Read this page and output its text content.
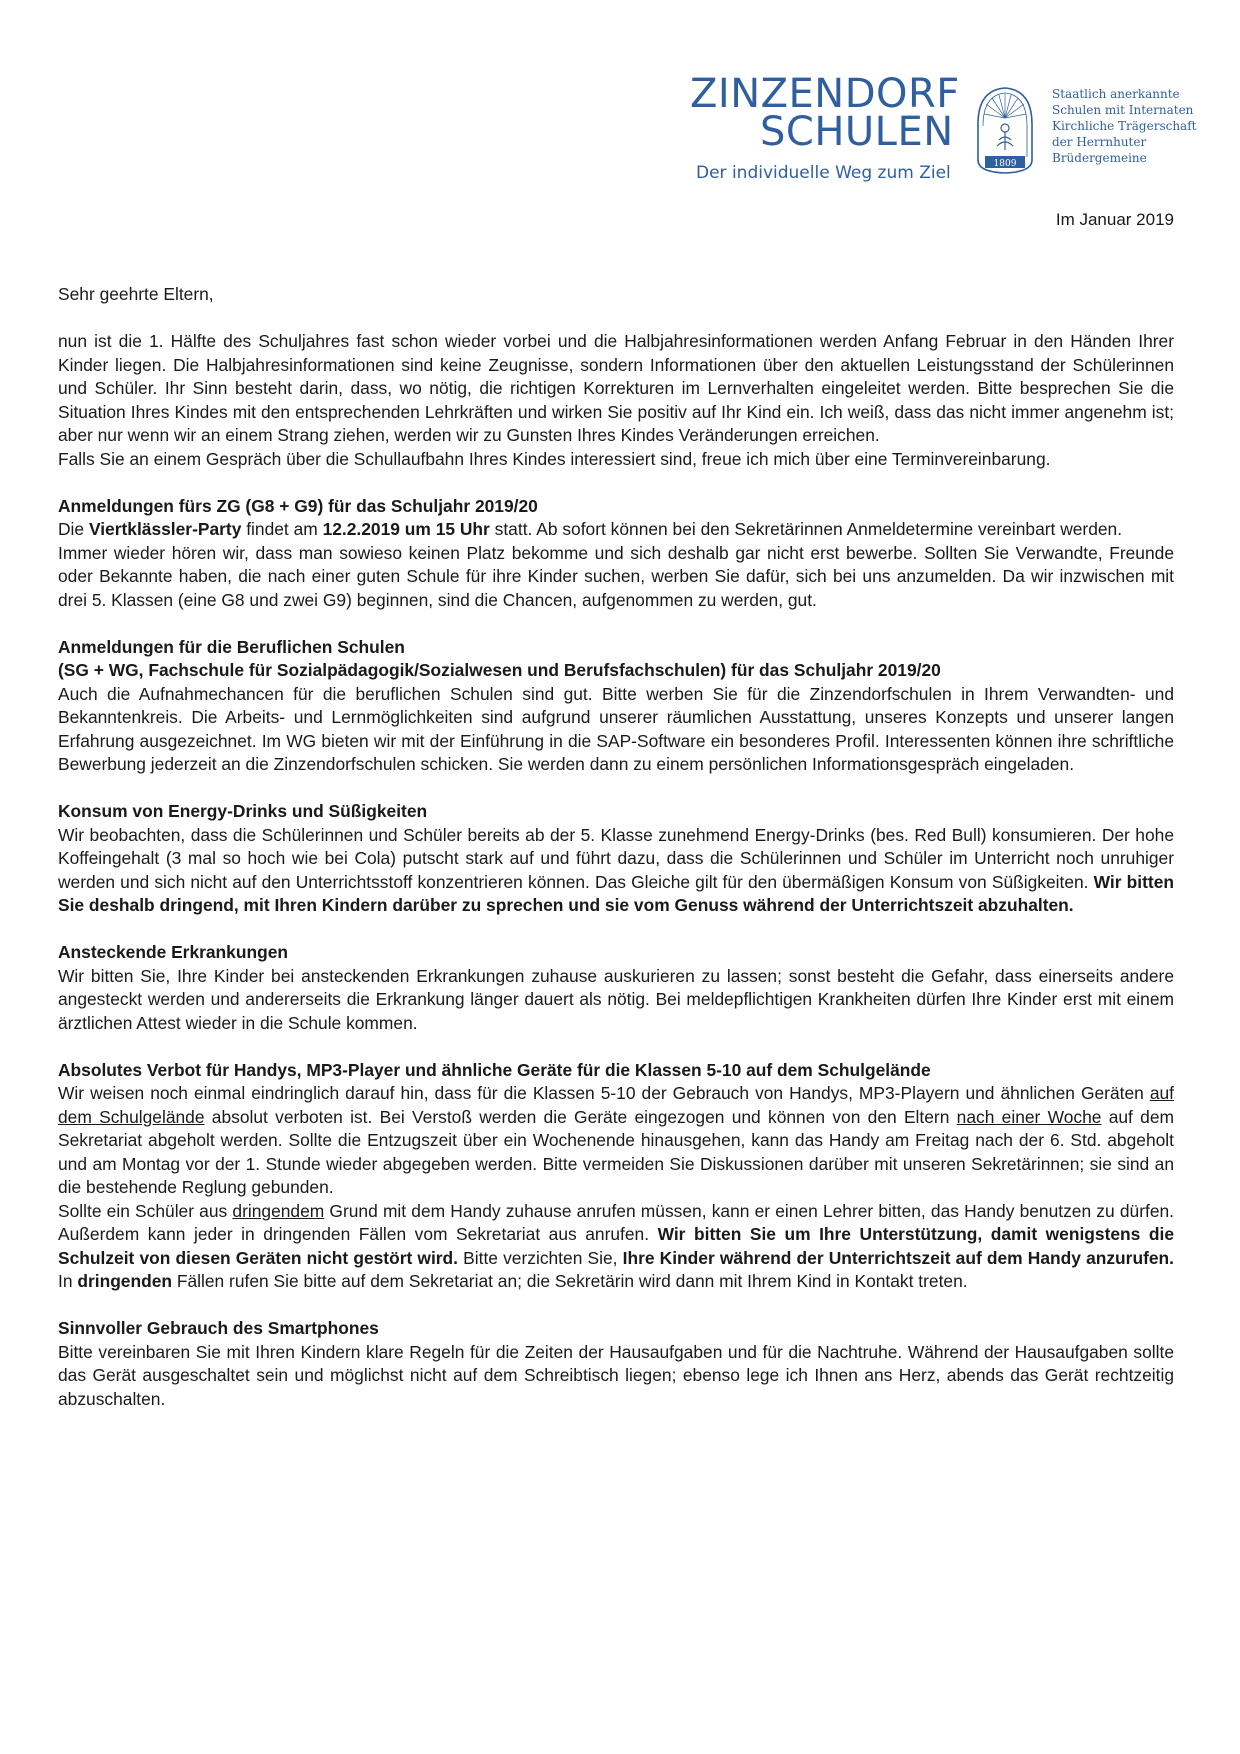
ZINZENDORF
SCHULEN
Der individuelle Weg zum Ziel	1809
Staatlich anerkannte
Schulen mit Internaten
Kirchliche Trägerschaft
der Herrnhuter
Brüdergemeine
Im Januar 2019

Sehr geehrte Eltern,

nun ist die 1. Hälfte des Schuljahres fast schon wieder vorbei und die Halbjahresinformationen werden Anfang Februar in den Händen Ihrer Kinder liegen. Die Halbjahresinformationen sind keine Zeugnisse, sondern Informationen über den aktuellen Leistungsstand der Schülerinnen und Schüler. Ihr Sinn besteht darin, dass, wo nötig, die richtigen Korrekturen im Lernverhalten eingeleitet werden. Bitte besprechen Sie die Situation Ihres Kindes mit den entsprechenden Lehrkräften und wirken Sie positiv auf Ihr Kind ein. Ich weiß, dass das nicht immer angenehm ist; aber nur wenn wir an einem Strang ziehen, werden wir zu Gunsten Ihres Kindes Veränderungen erreichen.

Falls Sie an einem Gespräch über die Schullaufbahn Ihres Kindes interessiert sind, freue ich mich über eine Terminvereinbarung.

Anmeldungen fürs ZG (G8 + G9) für das Schuljahr 2019/20

Die Viertklässler-Party findet am 12.2.2019 um 15 Uhr statt. Ab sofort können bei den Sekretärinnen Anmeldetermine vereinbart werden.

Immer wieder hören wir, dass man sowieso keinen Platz bekomme und sich deshalb gar nicht erst bewerbe. Sollten Sie Verwandte, Freunde oder Bekannte haben, die nach einer guten Schule für ihre Kinder suchen, werben Sie dafür, sich bei uns anzumelden. Da wir inzwischen mit drei 5. Klassen (eine G8 und zwei G9) beginnen, sind die Chancen, aufgenommen zu werden, gut.

Anmeldungen für die Beruflichen Schulen
(SG + WG, Fachschule für Sozialpädagogik/Sozialwesen und Berufsfachschulen) für das Schuljahr 2019/20

Auch die Aufnahmechancen für die beruflichen Schulen sind gut. Bitte werben Sie für die Zinzendorfschulen in Ihrem Verwandten- und Bekanntenkreis. Die Arbeits- und Lernmöglichkeiten sind aufgrund unserer räumlichen Ausstattung, unseres Konzepts und unserer langen Erfahrung ausgezeichnet. Im WG bieten wir mit der Einführung in die SAP-Software ein besonderes Profil. Interessenten können ihre schriftliche Bewerbung jederzeit an die Zinzendorfschulen schicken. Sie werden dann zu einem persönlichen Informationsgespräch eingeladen.

Konsum von Energy-Drinks und Süßigkeiten

Wir beobachten, dass die Schülerinnen und Schüler bereits ab der 5. Klasse zunehmend Energy-Drinks (bes. Red Bull) konsumieren. Der hohe Koffeingehalt (3 mal so hoch wie bei Cola) putscht stark auf und führt dazu, dass die Schülerinnen und Schüler im Unterricht noch unruhiger werden und sich nicht auf den Unterrichtsstoff konzentrieren können. Das Gleiche gilt für den übermäßigen Konsum von Süßigkeiten. Wir bitten Sie deshalb dringend, mit Ihren Kindern darüber zu sprechen und sie vom Genuss während der Unterrichtszeit abzuhalten.

Ansteckende Erkrankungen

Wir bitten Sie, Ihre Kinder bei ansteckenden Erkrankungen zuhause auskurieren zu lassen; sonst besteht die Gefahr, dass einerseits andere angesteckt werden und andererseits die Erkrankung länger dauert als nötig. Bei meldepflichtigen Krankheiten dürfen Ihre Kinder erst mit einem ärztlichen Attest wieder in die Schule kommen.

Absolutes Verbot für Handys, MP3-Player und ähnliche Geräte für die Klassen 5-10 auf dem Schulgelände

Wir weisen noch einmal eindringlich darauf hin, dass für die Klassen 5-10 der Gebrauch von Handys, MP3-Playern und ähnlichen Geräten auf dem Schulgelände absolut verboten ist. Bei Verstoß werden die Geräte eingezogen und können von den Eltern nach einer Woche auf dem Sekretariat abgeholt werden. Sollte die Entzugszeit über ein Wochenende hinausgehen, kann das Handy am Freitag nach der 6. Std. abgeholt und am Montag vor der 1. Stunde wieder abgegeben werden. Bitte vermeiden Sie Diskussionen darüber mit unseren Sekretärinnen; sie sind an die bestehende Reglung gebunden.

Sollte ein Schüler aus dringendem Grund mit dem Handy zuhause anrufen müssen, kann er einen Lehrer bitten, das Handy benutzen zu dürfen. Außerdem kann jeder in dringenden Fällen vom Sekretariat aus anrufen. Wir bitten Sie um Ihre Unterstützung, damit wenigstens die Schulzeit von diesen Geräten nicht gestört wird. Bitte verzichten Sie, Ihre Kinder während der Unterrichtszeit auf dem Handy anzurufen. In dringenden Fällen rufen Sie bitte auf dem Sekretariat an; die Sekretärin wird dann mit Ihrem Kind in Kontakt treten.

Sinnvoller Gebrauch des Smartphones

Bitte vereinbaren Sie mit Ihren Kindern klare Regeln für die Zeiten der Hausaufgaben und für die Nachtruhe. Während der Hausaufgaben sollte das Gerät ausgeschaltet sein und möglichst nicht auf dem Schreibtisch liegen; ebenso lege ich Ihnen ans Herz, abends das Gerät rechtzeitig abzuschalten.
